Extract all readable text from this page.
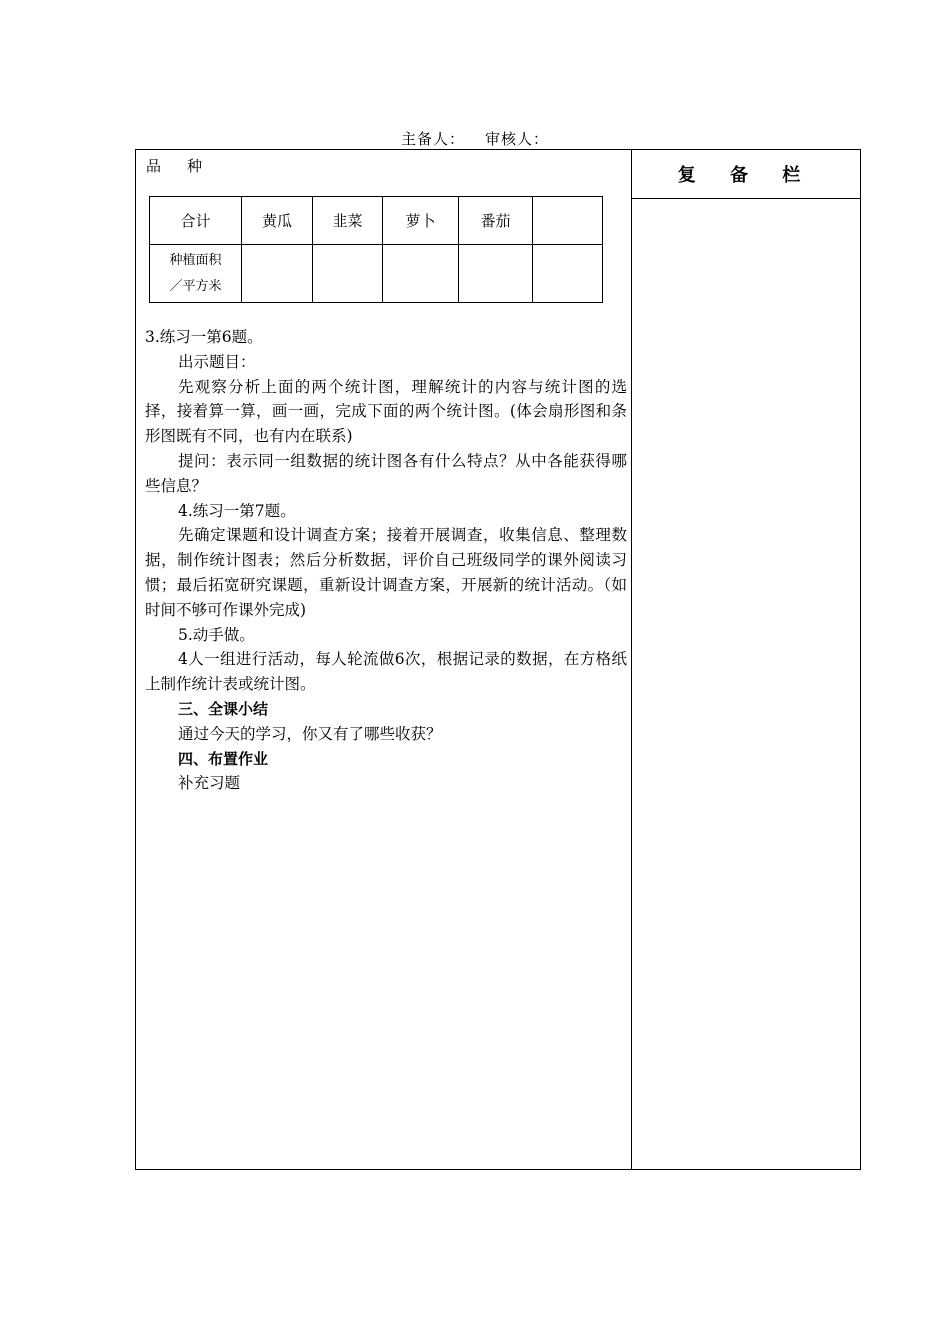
主备人： 审核人：
复 备 栏
品 种
合计	黄瓜	韭菜	萝卜	番茄	

种植面积
／平方米					

3.练习一第6题。

出示题目：

先观察分析上面的两个统计图，理解统计的内容与统计图的选择，接着算一算，画一画，完成下面的两个统计图。(体会扇形图和条形图既有不同，也有内在联系)

提问：表示同一组数据的统计图各有什么特点？从中各能获得哪些信息？

4.练习一第7题。

先确定课题和设计调查方案；接着开展调查，收集信息、整理数据，制作统计图表；然后分析数据，评价自己班级同学的课外阅读习惯；最后拓宽研究课题，重新设计调查方案，开展新的统计活动。（如时间不够可作课外完成)

5.动手做。

4人一组进行活动，每人轮流做6次，根据记录的数据，在方格纸上制作统计表或统计图。

三、全课小结

通过今天的学习，你又有了哪些收获？

四、布置作业

补充习题
